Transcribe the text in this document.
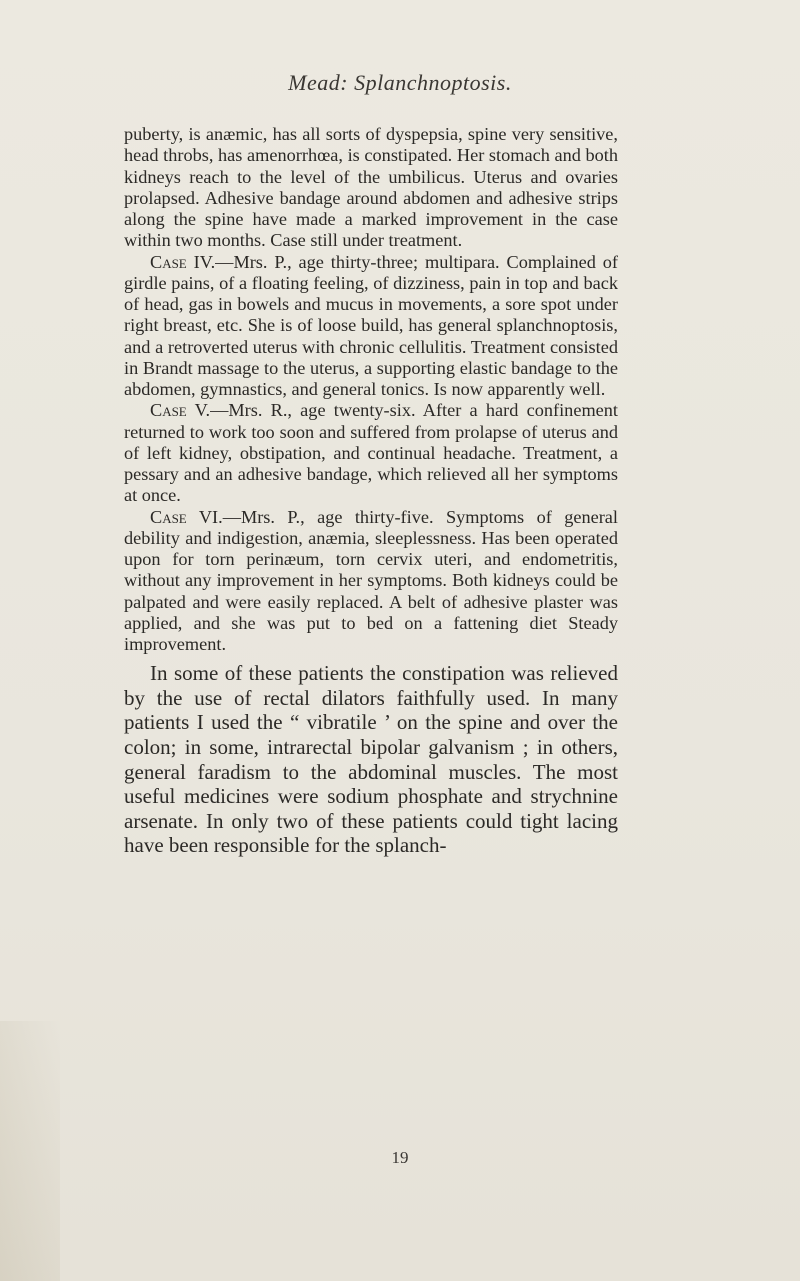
Mead: Splanchnoptosis.

puberty, is anæmic, has all sorts of dyspepsia, spine very sensitive, head throbs, has amenorrhœa, is constipated. Her stomach and both kidneys reach to the level of the umbilicus. Uterus and ovaries prolapsed. Adhesive bandage around abdomen and adhesive strips along the spine have made a marked improvement in the case within two months. Case still under treatment.

Case IV.—Mrs. P., age thirty-three; multipara. Complained of girdle pains, of a floating feeling, of dizziness, pain in top and back of head, gas in bowels and mucus in movements, a sore spot under right breast, etc. She is of loose build, has general splanchnoptosis, and a retroverted uterus with chronic cellulitis. Treatment consisted in Brandt massage to the uterus, a supporting elastic bandage to the abdomen, gymnastics, and general tonics. Is now apparently well.

Case V.—Mrs. R., age twenty-six. After a hard confinement returned to work too soon and suffered from prolapse of uterus and of left kidney, obstipation, and continual headache. Treatment, a pessary and an adhesive bandage, which relieved all her symptoms at once.

Case VI.—Mrs. P., age thirty-five. Symptoms of general debility and indigestion, anæmia, sleeplessness. Has been operated upon for torn perinæum, torn cervix uteri, and endometritis, without any improvement in her symptoms. Both kidneys could be palpated and were easily replaced. A belt of adhesive plaster was applied, and she was put to bed on a fattening diet Steady improvement.

In some of these patients the constipation was relieved by the use of rectal dilators faithfully used. In many patients I used the “ vibratile ’ on the spine and over the colon; in some, intrarectal bipolar galvanism ; in others, general faradism to the abdominal muscles. The most useful medicines were sodium phosphate and strychnine arsenate. In only two of these patients could tight lacing have been responsible for the splanch-

19
